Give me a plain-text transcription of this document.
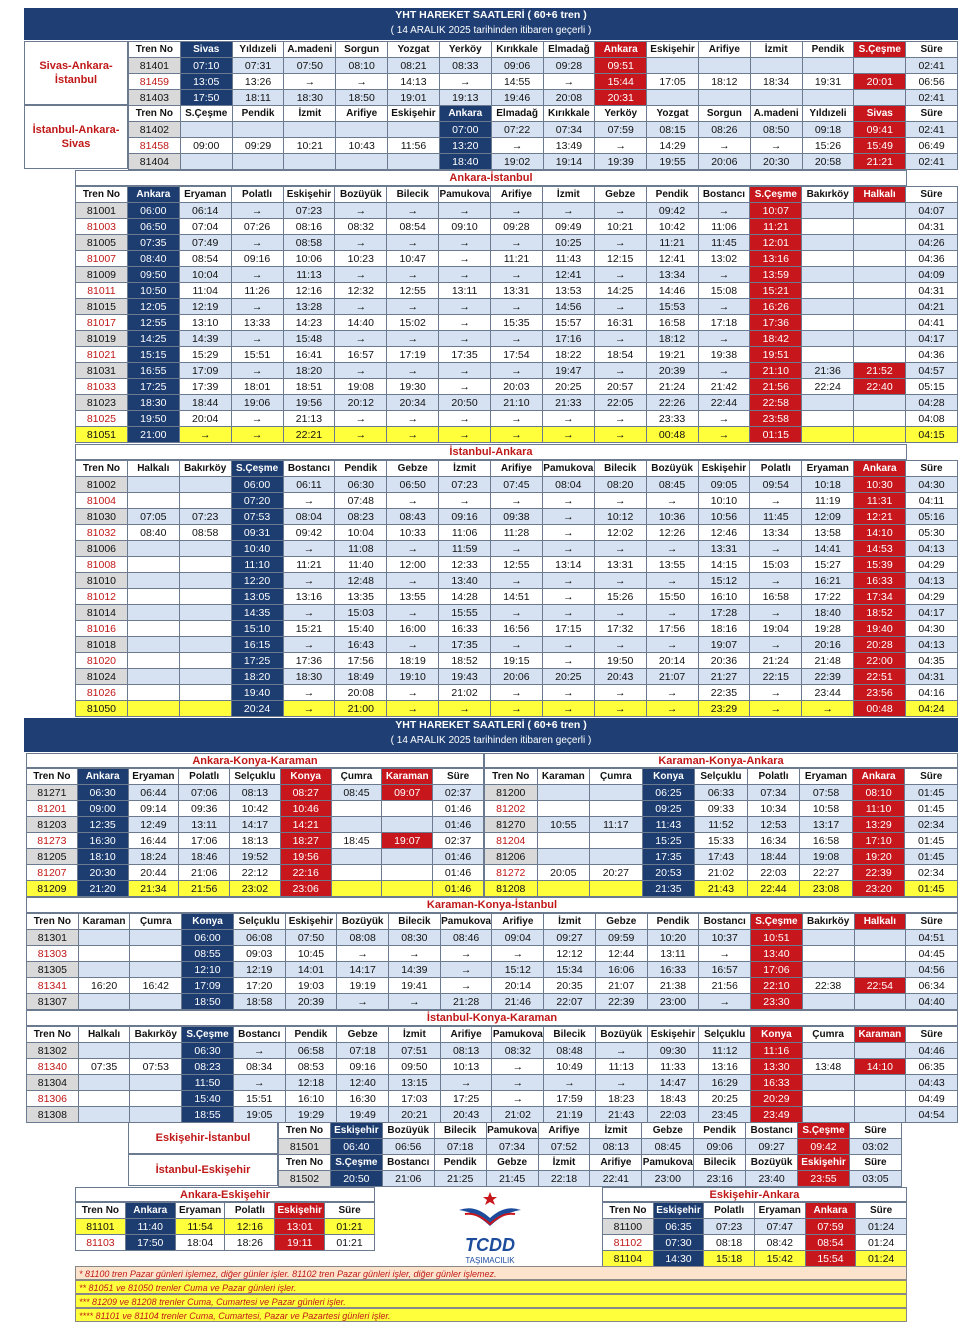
YHT HAREKET SAATLERİ ( 60+6 tren )
( 14 ARALIK 2025 tarihinden itibaren geçerli )
Sivas-Ankara-İstanbul
Tren No	Sivas	Yıldızeli	A.madeni	Sorgun	Yozgat	Yerköy	Kırıkkale	Elmadağ	Ankara	Eskişehir	Arifiye	İzmit	Pendik	S.Çeşme	Süre
81401	07:10	07:31	07:50	08:10	08:21	08:33	09:06	09:28	09:51						02:41
81459	13:05	13:26	→	→	14:13	→	14:55	→	15:44	17:05	18:12	18:34	19:31	20:01	06:56
81403	17:50	18:11	18:30	18:50	19:01	19:13	19:46	20:08	20:31						02:41
İstanbul-Ankara-Sivas
Tren No	S.Çeşme	Pendik	İzmit	Arifiye	Eskişehir	Ankara	Elmadağ	Kırıkkale	Yerköy	Yozgat	Sorgun	A.madeni	Yıldızeli	Sivas	Süre
81402						07:00	07:22	07:34	07:59	08:15	08:26	08:50	09:18	09:41	02:41
81458	09:00	09:29	10:21	10:43	11:56	13:20	→	13:49	→	14:29	→	→	15:26	15:49	06:49
81404						18:40	19:02	19:14	19:39	19:55	20:06	20:30	20:58	21:21	02:41
Ankara-İstanbul
Tren No	Ankara	Eryaman	Polatlı	Eskişehir	Bozüyük	Bilecik	Pamukova	Arifiye	İzmit	Gebze	Pendik	Bostancı	S.Çeşme	Bakırköy	Halkalı	Süre
81001	06:00	06:14	→	07:23	→	→	→	→	→	→	09:42	→	10:07			04:07
81003	06:50	07:04	07:26	08:16	08:32	08:54	09:10	09:28	09:49	10:21	10:42	11:06	11:21			04:31
81005	07:35	07:49	→	08:58	→	→	→	→	10:25	→	11:21	11:45	12:01			04:26
81007	08:40	08:54	09:16	10:06	10:23	10:47	→	11:21	11:43	12:15	12:41	13:02	13:16			04:36
81009	09:50	10:04	→	11:13	→	→	→	→	12:41	→	13:34	→	13:59			04:09
81011	10:50	11:04	11:26	12:16	12:32	12:55	13:11	13:31	13:53	14:25	14:46	15:08	15:21			04:31
81015	12:05	12:19	→	13:28	→	→	→	→	14:56	→	15:53	→	16:26			04:21
81017	12:55	13:10	13:33	14:23	14:40	15:02	→	15:35	15:57	16:31	16:58	17:18	17:36			04:41
81019	14:25	14:39	→	15:48	→	→	→	→	17:16	→	18:12	→	18:42			04:17
81021	15:15	15:29	15:51	16:41	16:57	17:19	17:35	17:54	18:22	18:54	19:21	19:38	19:51			04:36
81031	16:55	17:09	→	18:20	→	→	→	→	19:47	→	20:39	→	21:10	21:36	21:52	04:57
81033	17:25	17:39	18:01	18:51	19:08	19:30	→	20:03	20:25	20:57	21:24	21:42	21:56	22:24	22:40	05:15
81023	18:30	18:44	19:06	19:56	20:12	20:34	20:50	21:10	21:33	22:05	22:26	22:44	22:58			04:28
81025	19:50	20:04	→	21:13	→	→	→	→	→	→	23:33	→	23:58			04:08
81051	21:00	→	→	22:21	→	→	→	→	→	→	00:48	→	01:15			04:15
İstanbul-Ankara
Tren No	Halkalı	Bakırköy	S.Çeşme	Bostancı	Pendik	Gebze	İzmit	Arifiye	Pamukova	Bilecik	Bozüyük	Eskişehir	Polatlı	Eryaman	Ankara	Süre
81002			06:00	06:11	06:30	06:50	07:23	07:45	08:04	08:20	08:45	09:05	09:54	10:18	10:30	04:30
81004			07:20	→	07:48	→	→	→	→	→	→	10:10	→	11:19	11:31	04:11
81030	07:05	07:23	07:53	08:04	08:23	08:43	09:16	09:38	→	10:12	10:36	10:56	11:45	12:09	12:21	05:16
81032	08:40	08:58	09:31	09:42	10:04	10:33	11:06	11:28	→	12:02	12:26	12:46	13:34	13:58	14:10	05:30
81006			10:40	→	11:08	→	11:59	→	→	→	→	13:31	→	14:41	14:53	04:13
81008			11:10	11:21	11:40	12:00	12:33	12:55	13:14	13:31	13:55	14:15	15:03	15:27	15:39	04:29
81010			12:20	→	12:48	→	13:40	→	→	→	→	15:12	→	16:21	16:33	04:13
81012			13:05	13:16	13:35	13:55	14:28	14:51	→	15:26	15:50	16:10	16:58	17:22	17:34	04:29
81014			14:35	→	15:03	→	15:55	→	→	→	→	17:28	→	18:40	18:52	04:17
81016			15:10	15:21	15:40	16:00	16:33	16:56	17:15	17:32	17:56	18:16	19:04	19:28	19:40	04:30
81018			16:15	→	16:43	→	17:35	→	→	→	→	19:07	→	20:16	20:28	04:13
81020			17:25	17:36	17:56	18:19	18:52	19:15	→	19:50	20:14	20:36	21:24	21:48	22:00	04:35
81024			18:20	18:30	18:49	19:10	19:43	20:06	20:25	20:43	21:07	21:27	22:15	22:39	22:51	04:31
81026			19:40	→	20:08	→	21:02	→	→	→	→	22:35	→	23:44	23:56	04:16
81050			20:24	→	21:00	→	→	→	→	→	→	23:29	→	→	00:48	04:24
YHT HAREKET SAATLERİ ( 60+6 tren )
( 14 ARALIK 2025 tarihinden itibaren geçerli )
Ankara-Konya-Karaman	Karaman-Konya-Ankara
Tren No	Ankara	Eryaman	Polatlı	Selçuklu	Konya	Çumra	Karaman	Süre
81271	06:30	06:44	07:06	08:13	08:27	08:45	09:07	02:37
81201	09:00	09:14	09:36	10:42	10:46			01:46
81203	12:35	12:49	13:11	14:17	14:21			01:46
81273	16:30	16:44	17:06	18:13	18:27	18:45	19:07	02:37
81205	18:10	18:24	18:46	19:52	19:56			01:46
81207	20:30	20:44	21:06	22:12	22:16			01:46
81209	21:20	21:34	21:56	23:02	23:06			01:46
Tren No	Karaman	Çumra	Konya	Selçuklu	Polatlı	Eryaman	Ankara	Süre
81200			06:25	06:33	07:34	07:58	08:10	01:45
81202			09:25	09:33	10:34	10:58	11:10	01:45
81270	10:55	11:17	11:43	11:52	12:53	13:17	13:29	02:34
81204			15:25	15:33	16:34	16:58	17:10	01:45
81206			17:35	17:43	18:44	19:08	19:20	01:45
81272	20:05	20:27	20:53	21:02	22:03	22:27	22:39	02:34
81208			21:35	21:43	22:44	23:08	23:20	01:45
Karaman-Konya-İstanbul
Tren No	Karaman	Çumra	Konya	Selçuklu	Eskişehir	Bozüyük	Bilecik	Pamukova	Arifiye	İzmit	Gebze	Pendik	Bostancı	S.Çeşme	Bakırköy	Halkalı	Süre
81301			06:00	06:08	07:50	08:08	08:30	08:46	09:04	09:27	09:59	10:20	10:37	10:51			04:51
81303			08:55	09:03	10:45	→	→	→	→	12:12	12:44	13:11	→	13:40			04:45
81305			12:10	12:19	14:01	14:17	14:39	→	15:12	15:34	16:06	16:33	16:57	17:06			04:56
81341	16:20	16:42	17:09	17:20	19:03	19:19	19:41	→	20:14	20:35	21:07	21:38	21:56	22:10	22:38	22:54	06:34
81307			18:50	18:58	20:39	→	→	21:28	21:46	22:07	22:39	23:00	→	23:30			04:40
İstanbul-Konya-Karaman
Tren No	Halkalı	Bakırköy	S.Çeşme	Bostancı	Pendik	Gebze	İzmit	Arifiye	Pamukova	Bilecik	Bozüyük	Eskişehir	Selçuklu	Konya	Çumra	Karaman	Süre
81302			06:30	→	06:58	07:18	07:51	08:13	08:32	08:48	→	09:30	11:12	11:16			04:46
81340	07:35	07:53	08:23	08:34	08:53	09:16	09:50	10:13	→	10:49	11:13	11:33	13:16	13:30	13:48	14:10	06:35
81304			11:50	→	12:18	12:40	13:15	→	→	→	→	14:47	16:29	16:33			04:43
81306			15:40	15:51	16:10	16:30	17:03	17:25	→	17:59	18:23	18:43	20:25	20:29			04:49
81308			18:55	19:05	19:29	19:49	20:21	20:43	21:02	21:19	21:43	22:03	23:45	23:49			04:54
Eskişehir-İstanbul
Tren No	Eskişehir	Bozüyük	Bilecik	Pamukova	Arifiye	İzmit	Gebze	Pendik	Bostancı	S.Çeşme	Süre
81501	06:40	06:56	07:18	07:34	07:52	08:13	08:45	09:06	09:27	09:42	03:02
İstanbul-Eskişehir
Tren No	S.Çeşme	Bostancı	Pendik	Gebze	İzmit	Arifiye	Pamukova	Bilecik	Bozüyük	Eskişehir	Süre
81502	20:50	21:06	21:25	21:45	22:18	22:41	23:00	23:16	23:40	23:55	03:05
Ankara-Eskişehir
Tren No	Ankara	Eryaman	Polatlı	Eskişehir	Süre
81101	11:40	11:54	12:16	13:01	01:21
81103	17:50	18:04	18:26	19:11	01:21
Eskişehir-Ankara
Tren No	Eskişehir	Polatlı	Eryaman	Ankara	Süre
81100	06:35	07:23	07:47	07:59	01:24
81102	07:30	08:18	08:42	08:54	01:24
81104	14:30	15:18	15:42	15:54	01:24
TCDD
TAŞIMACILIK
* 81100 tren Pazar günleri işlemez, diğer günler işler. 81102 tren Pazar günleri işler, diğer günler işlemez.
** 81051 ve 81050 trenler Cuma ve Pazar günleri işler.
*** 81209 ve 81208 trenler Cuma, Cumartesi ve Pazar günleri işler.
**** 81101 ve 81104 trenler Cuma, Cumartesi, Pazar ve Pazartesi günleri işler.
